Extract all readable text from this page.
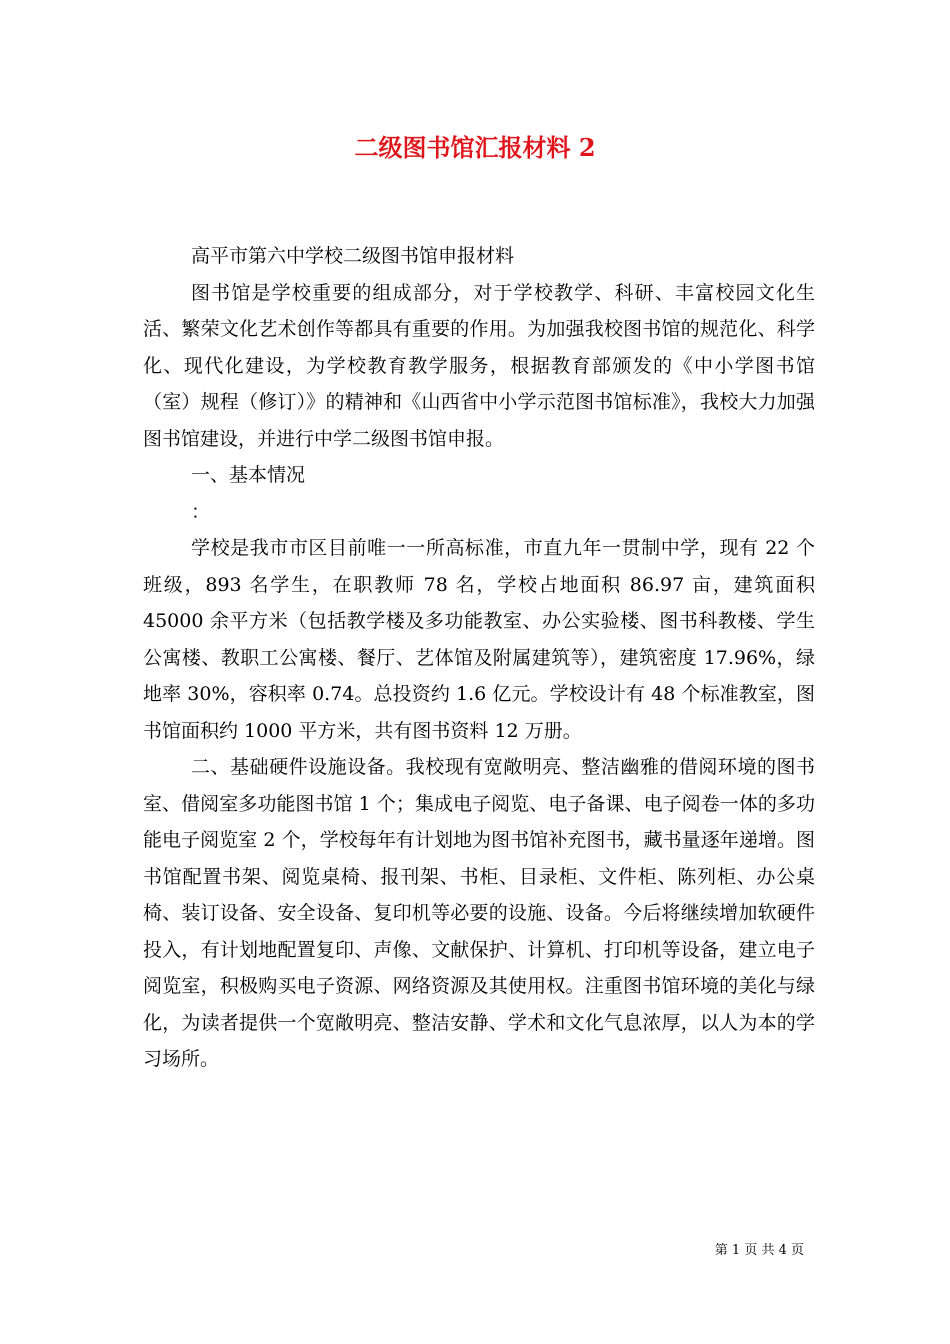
二级图书馆汇报材料 2

高平市第六中学校二级图书馆申报材料

图书馆是学校重要的组成部分，对于学校教学、科研、丰富校园文化生活、繁荣文化艺术创作等都具有重要的作用。为加强我校图书馆的规范化、科学化、现代化建设，为学校教育教学服务，根据教育部颁发的《中小学图书馆（室）规程（修订）》的精神和《山西省中小学示范图书馆标准》，我校大力加强图书馆建设，并进行中学二级图书馆申报。

一、基本情况

：

学校是我市市区目前唯一一所高标准，市直九年一贯制中学，现有 22 个班级，893 名学生，在职教师 78 名，学校占地面积 86.97 亩，建筑面积 45000 余平方米（包括教学楼及多功能教室、办公实验楼、图书科教楼、学生公寓楼、教职工公寓楼、餐厅、艺体馆及附属建筑等），建筑密度 17.96%，绿地率 30%，容积率 0.74。总投资约 1.6 亿元。学校设计有 48 个标准教室，图书馆面积约 1000 平方米，共有图书资料 12 万册。

二、基础硬件设施设备。我校现有宽敞明亮、整洁幽雅的借阅环境的图书室、借阅室多功能图书馆 1 个；集成电子阅览、电子备课、电子阅卷一体的多功能电子阅览室 2 个，学校每年有计划地为图书馆补充图书，藏书量逐年递增。图书馆配置书架、阅览桌椅、报刊架、书柜、目录柜、文件柜、陈列柜、办公桌椅、装订设备、安全设备、复印机等必要的设施、设备。今后将继续增加软硬件投入，有计划地配置复印、声像、文献保护、计算机、打印机等设备，建立电子阅览室，积极购买电子资源、网络资源及其使用权。注重图书馆环境的美化与绿化，为读者提供一个宽敞明亮、整洁安静、学术和文化气息浓厚，以人为本的学习场所。

第 1 页 共 4 页
